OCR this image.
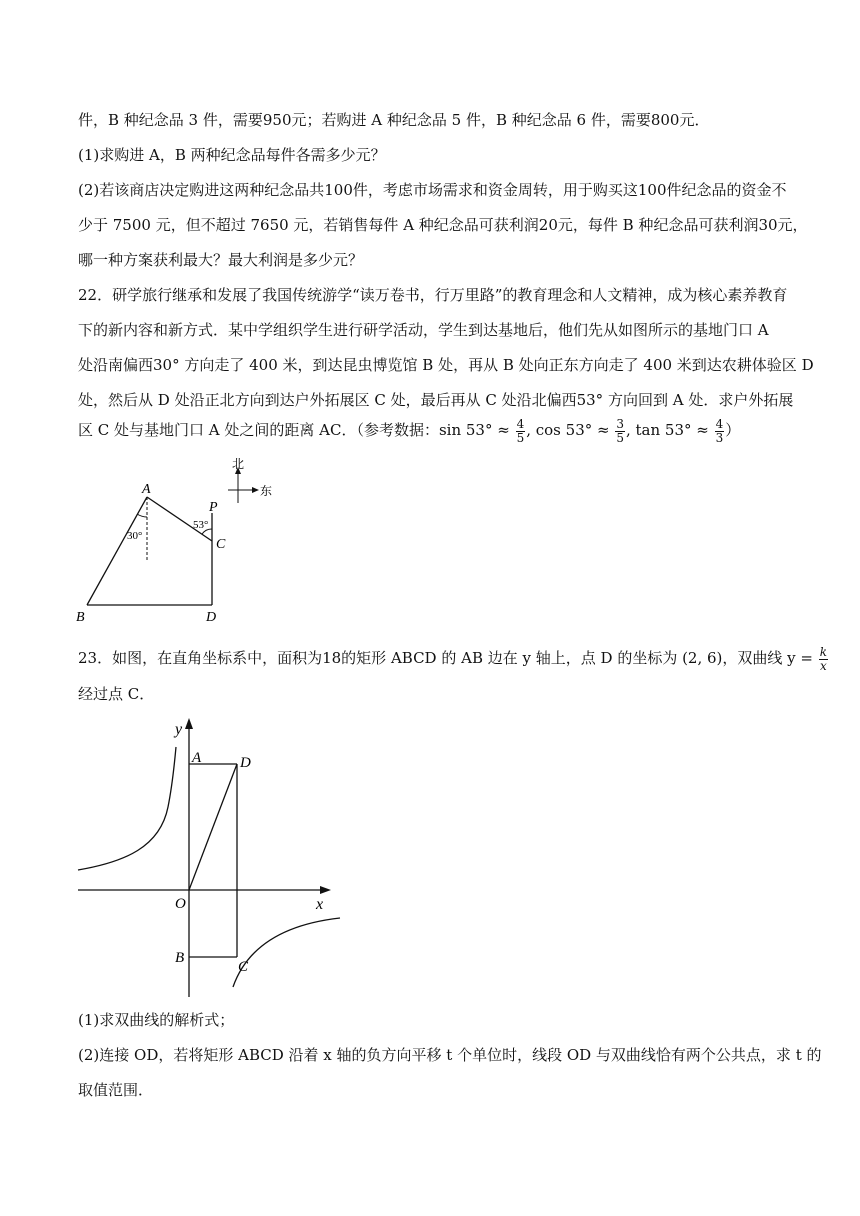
件，B 种纪念品 3 件，需要950元；若购进 A 种纪念品 5 件，B 种纪念品 6 件，需要800元．
(1)求购进 A，B 两种纪念品每件各需多少元？
(2)若该商店决定购进这两种纪念品共100件，考虑市场需求和资金周转，用于购买这100件纪念品的资金不
少于 7500 元，但不超过 7650 元，若销售每件 A 种纪念品可获利润20元，每件 B 种纪念品可获利润30元，
哪一种方案获利最大？最大利润是多少元？
22．研学旅行继承和发展了我国传统游学“读万卷书，行万里路”的教育理念和人文精神，成为核心素养教育
下的新内容和新方式．某中学组织学生进行研学活动，学生到达基地后，他们先从如图所示的基地门口 A
处沿南偏西30° 方向走了 400 米，到达昆虫博览馆 B 处，再从 B 处向正东方向走了 400 米到达农耕体验区 D
处，然后从 D 处沿正北方向到达户外拓展区 C 处，最后再从 C 处沿北偏西53° 方向回到 A 处．求户外拓展
区 C 处与基地门口 A 处之间的距离 AC．（参考数据：$\sin 53^\circ \approx \frac{4}{5}$ , $\cos 53^\circ \approx \frac{3}{5}$ , $\tan 53^\circ \approx \frac{4}{3}$ ）
北
东
A
B
C
D
P
30°
53°
23．如图，在直角坐标系中，面积为18的矩形 ABCD 的 AB 边在 y 轴上，点 D 的坐标为 (2, 6)，双曲线 $y = \frac{k}{x}$
经过点 C．
y
x
O
A	D
B
C
(1)求双曲线的解析式；
(2)连接 OD，若将矩形 ABCD 沿着 x 轴的负方向平移 t 个单位时，线段 OD 与双曲线恰有两个公共点，求 t 的
取值范围．
